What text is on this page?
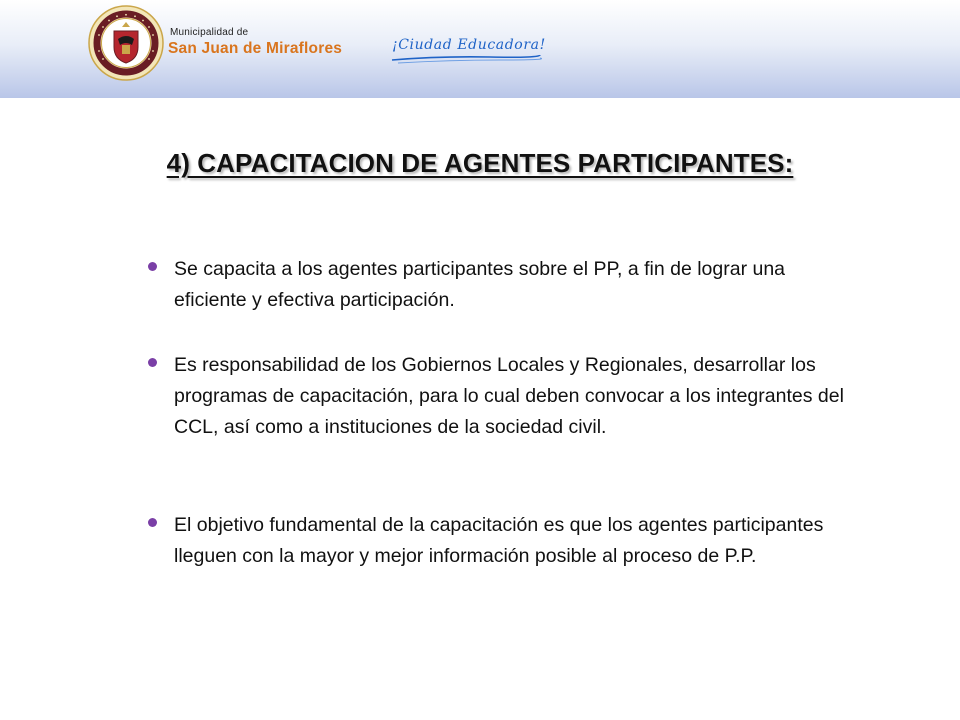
Municipalidad de
San Juan de Miraflores	¡Ciudad Educadora!
4) CAPACITACION DE AGENTES PARTICIPANTES:
Se capacita a los agentes participantes sobre el PP, a fin de lograr una eficiente y efectiva participación.
Es responsabilidad de los Gobiernos Locales y Regionales, desarrollar los programas de capacitación, para lo cual deben convocar a los integrantes del CCL, así como a instituciones de la sociedad civil.
El objetivo fundamental de la capacitación es que los agentes participantes lleguen con la mayor y mejor información posible al proceso de P.P.
